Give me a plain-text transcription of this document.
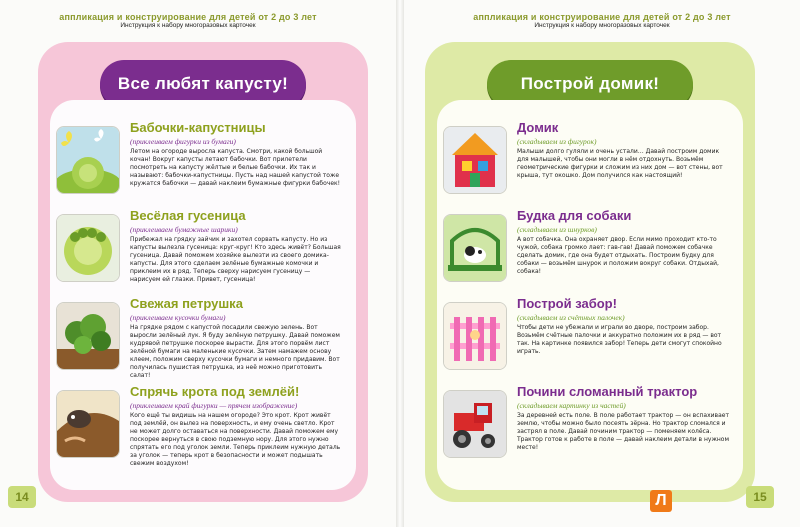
аппликация и конструирование для детей от 2 до 3 лет
Инструкция к набору многоразовых карточек
аппликация и конструирование для детей от 2 до 3 лет
Инструкция к набору многоразовых карточек
Все любят капусту!
Бабочки-капустницы
(приклеиваем фигурки из бумаги)
Летом на огороде выросла капуста. Смотри, какой большой кочан! Вокруг капусты летают бабочки. Вот прилетели посмотреть на капусту жёлтые и белые бабочки. Их так и называют: бабочки-капустницы. Пусть над нашей капустой тоже кружатся бабочки — давай наклеим бумажные фигурки бабочек!
Весёлая гусеница
(приклеиваем бумажные шарики)
Прибежал на грядку зайчик и захотел сорвать капусту. Но из капусты вылезла гусеница: круг-круг! Кто здесь живёт? Большая гусеница. Давай поможем хозяйке вылезти из своего домика-капусты. Для этого сделаем зелёные бумажные комочки и приклеим их в ряд. Теперь сверху нарисуем гусеницу — нарисуем ей глазки. Привет, гусеница!
Свежая петрушка
(приклеиваем кусочки бумаги)
На грядке рядом с капустой посадили свежую зелень. Вот выросли зелёный лук. Я буду зелёную петрушку. Давай поможем кудрявой петрушке поскорее вырасти. Для этого порвём лист зелёной бумаги на маленькие кусочки. Затем намажем основу клеем, положим сверху кусочки бумаги и немного придавим. Вот получилась пушистая петрушка, из неё можно приготовить салат!
Спрячь крота под землёй!
(приклеиваем край фигурки — прячем изображение)
Кого ещё ты видишь на нашем огороде? Это крот. Крот живёт под землёй, он вылез на поверхность, и ему очень светло. Крот не может долго оставаться на поверхности. Давай поможем ему поскорее вернуться в свою подземную нору. Для этого нужно спрятать его под уголок земли. Теперь приклеим нужную деталь за уголок — теперь крот в безопасности и может подышать свежим воздухом!
Построй домик!
Домик
(складываем из фигурок)
Малыши долго гуляли и очень устали… Давай построим домик для малышей, чтобы они могли в нём отдохнуть. Возьмём геометрические фигурки и сложим из них дом — вот стены, вот крыша, тут окошко. Дом получился как настоящий!
Будка для собаки
(складываем из шнурков)
А вот собачка. Она охраняет двор. Если мимо проходит кто-то чужой, собака громко лает: гав-гав! Давай поможем собачке сделать домик, где она будет отдыхать. Построим будку для собаки — возьмём шнурок и положим вокруг собаки. Отдыхай, собака!
Построй забор!
(складываем из счётных палочек)
Чтобы дети не убежали и играли во дворе, построим забор. Возьмём счётные палочки и аккуратно положим их в ряд — вот так. На картинке появился забор! Теперь дети смогут спокойно играть.
Почини сломанный трактор
(складываем картинку из частей)
За деревней есть поле. В поле работает трактор — он вспахивает землю, чтобы можно было посеять зёрна. Но трактор сломался и застрял в поле. Давай починим трактор — поменяем колёса. Трактор готов к работе в поле — давай наклеим детали в нужном месте!
14	15
Л
